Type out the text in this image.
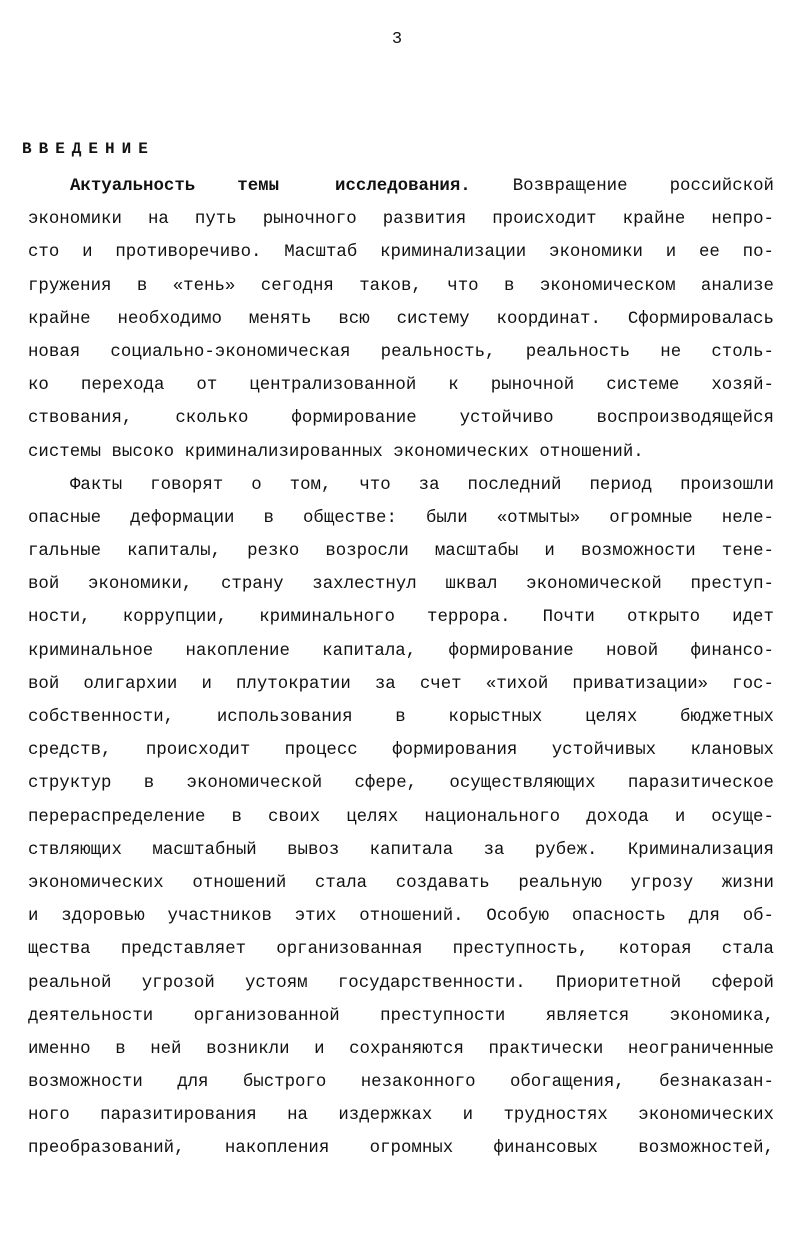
3
ВВЕДЕНИЕ
Актуальность темы	исследования. Возвращение российской
экономики на путь рыночного развития происходит крайне непро-
сто и противоречиво. Масштаб криминализации экономики и ее по-
гружения в «тень» сегодня таков, что в экономическом анализе
крайне необходимо менять всю систему координат. Сформировалась
новая социально-экономическая реальность, реальность не столь-
ко перехода от централизованной к рыночной системе хозяй-
ствования, сколько формирование устойчиво воспроизводящейся
системы высоко криминализированных экономических отношений.
Факты говорят о том, что за последний период произошли
опасные деформации в обществе: были «отмыты» огромные неле-
гальные капиталы, резко возросли масштабы и возможности тене-
вой экономики, страну захлестнул шквал экономической преступ-
ности, коррупции, криминального террора. Почти открыто идет
криминальное накопление капитала, формирование новой финансо-
вой олигархии и плутократии за счет «тихой приватизации» гос-
собственности, использования в корыстных целях бюджетных
средств, происходит процесс формирования устойчивых клановых
структур в экономической сфере, осуществляющих паразитическое
перераспределение в своих целях национального дохода и осуще-
ствляющих масштабный вывоз капитала за рубеж. Криминализация
экономических отношений стала создавать реальную угрозу жизни
и здоровью участников этих отношений. Особую опасность для об-
щества представляет организованная преступность, которая стала
реальной угрозой устоям государственности. Приоритетной сферой
деятельности организованной преступности является экономика,
именно в ней возникли и сохраняются практически неограниченные
возможности для быстрого незаконного обогащения, безнаказан-
ного паразитирования на издержках и трудностях экономических
преобразований, накопления огромных финансовых возможностей,
